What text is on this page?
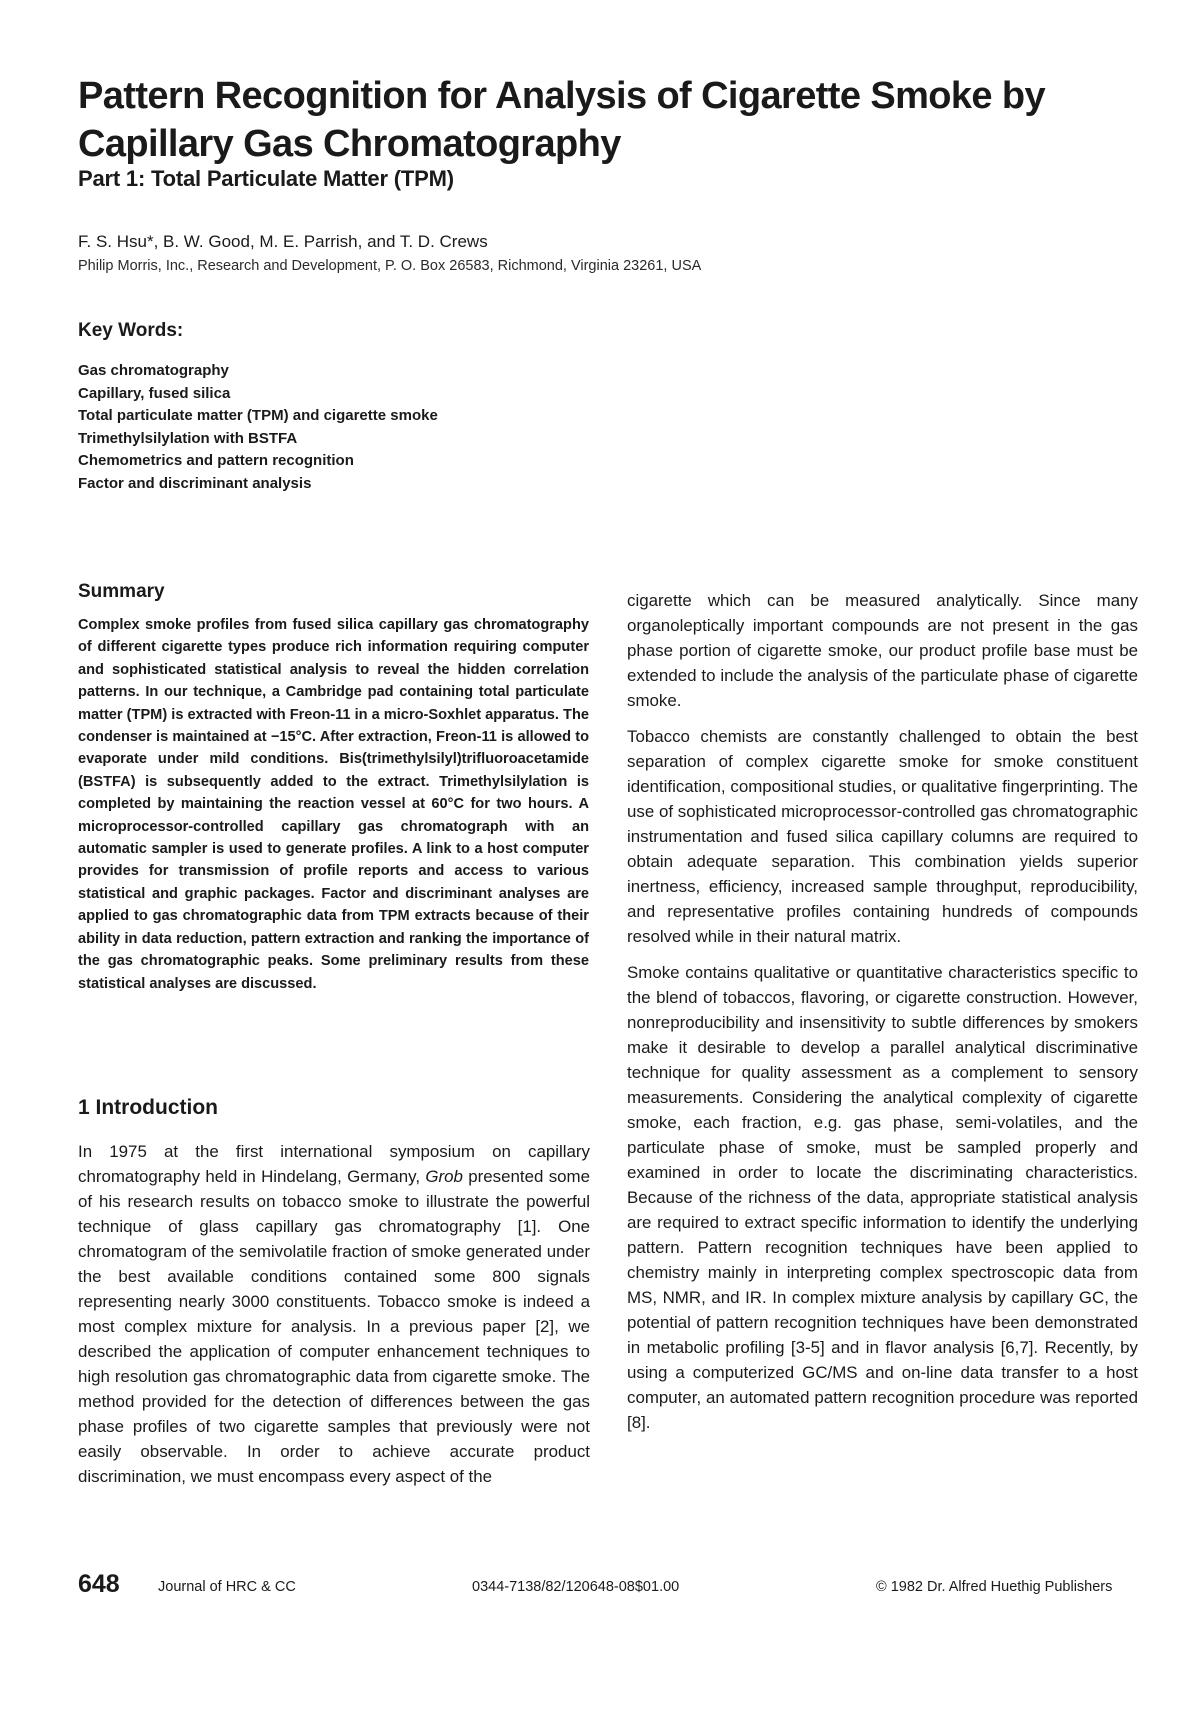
Pattern Recognition for Analysis of Cigarette Smoke by Capillary Gas Chromatography
Part 1: Total Particulate Matter (TPM)
F. S. Hsu*, B. W. Good, M. E. Parrish, and T. D. Crews
Philip Morris, Inc., Research and Development, P. O. Box 26583, Richmond, Virginia 23261, USA
Key Words:
Gas chromatography
Capillary, fused silica
Total particulate matter (TPM) and cigarette smoke
Trimethylsilylation with BSTFA
Chemometrics and pattern recognition
Factor and discriminant analysis
Summary

Complex smoke profiles from fused silica capillary gas chromatography of different cigarette types produce rich information requiring computer and sophisticated statistical analysis to reveal the hidden correlation patterns. In our technique, a Cambridge pad containing total particulate matter (TPM) is extracted with Freon-11 in a micro-Soxhlet apparatus. The condenser is maintained at −15°C. After extraction, Freon-11 is allowed to evaporate under mild conditions. Bis(trimethylsilyl)trifluoroacetamide (BSTFA) is subsequently added to the extract. Trimethylsilylation is completed by maintaining the reaction vessel at 60°C for two hours. A microprocessor-controlled capillary gas chromatograph with an automatic sampler is used to generate profiles. A link to a host computer provides for transmission of profile reports and access to various statistical and graphic packages. Factor and discriminant analyses are applied to gas chromatographic data from TPM extracts because of their ability in data reduction, pattern extraction and ranking the importance of the gas chromatographic peaks. Some preliminary results from these statistical analyses are discussed.

1 Introduction

In 1975 at the first international symposium on capillary chromatography held in Hindelang, Germany, Grob presented some of his research results on tobacco smoke to illustrate the powerful technique of glass capillary gas chromatography [1]. One chromatogram of the semivolatile fraction of smoke generated under the best available conditions contained some 800 signals representing nearly 3000 constituents. Tobacco smoke is indeed a most complex mixture for analysis. In a previous paper [2], we described the application of computer enhancement techniques to high resolution gas chromatographic data from cigarette smoke. The method provided for the detection of differences between the gas phase profiles of two cigarette samples that previously were not easily observable. In order to achieve accurate product discrimination, we must encompass every aspect of the

cigarette which can be measured analytically. Since many organoleptically important compounds are not present in the gas phase portion of cigarette smoke, our product profile base must be extended to include the analysis of the particulate phase of cigarette smoke.

Tobacco chemists are constantly challenged to obtain the best separation of complex cigarette smoke for smoke constituent identification, compositional studies, or qualitative fingerprinting. The use of sophisticated microprocessor-controlled gas chromatographic instrumentation and fused silica capillary columns are required to obtain adequate separation. This combination yields superior inertness, efficiency, increased sample throughput, reproducibility, and representative profiles containing hundreds of compounds resolved while in their natural matrix.

Smoke contains qualitative or quantitative characteristics specific to the blend of tobaccos, flavoring, or cigarette construction. However, nonreproducibility and insensitivity to subtle differences by smokers make it desirable to develop a parallel analytical discriminative technique for quality assessment as a complement to sensory measurements. Considering the analytical complexity of cigarette smoke, each fraction, e.g. gas phase, semi-volatiles, and the particulate phase of smoke, must be sampled properly and examined in order to locate the discriminating characteristics. Because of the richness of the data, appropriate statistical analysis are required to extract specific information to identify the underlying pattern. Pattern recognition techniques have been applied to chemistry mainly in interpreting complex spectroscopic data from MS, NMR, and IR. In complex mixture analysis by capillary GC, the potential of pattern recognition techniques have been demonstrated in metabolic profiling [3-5] and in flavor analysis [6,7]. Recently, by using a computerized GC/MS and on-line data transfer to a host computer, an automated pattern recognition procedure was reported [8].

648	Journal of HRC & CC	0344-7138/82/120648-08$01.00	© 1982 Dr. Alfred Huethig Publishers
